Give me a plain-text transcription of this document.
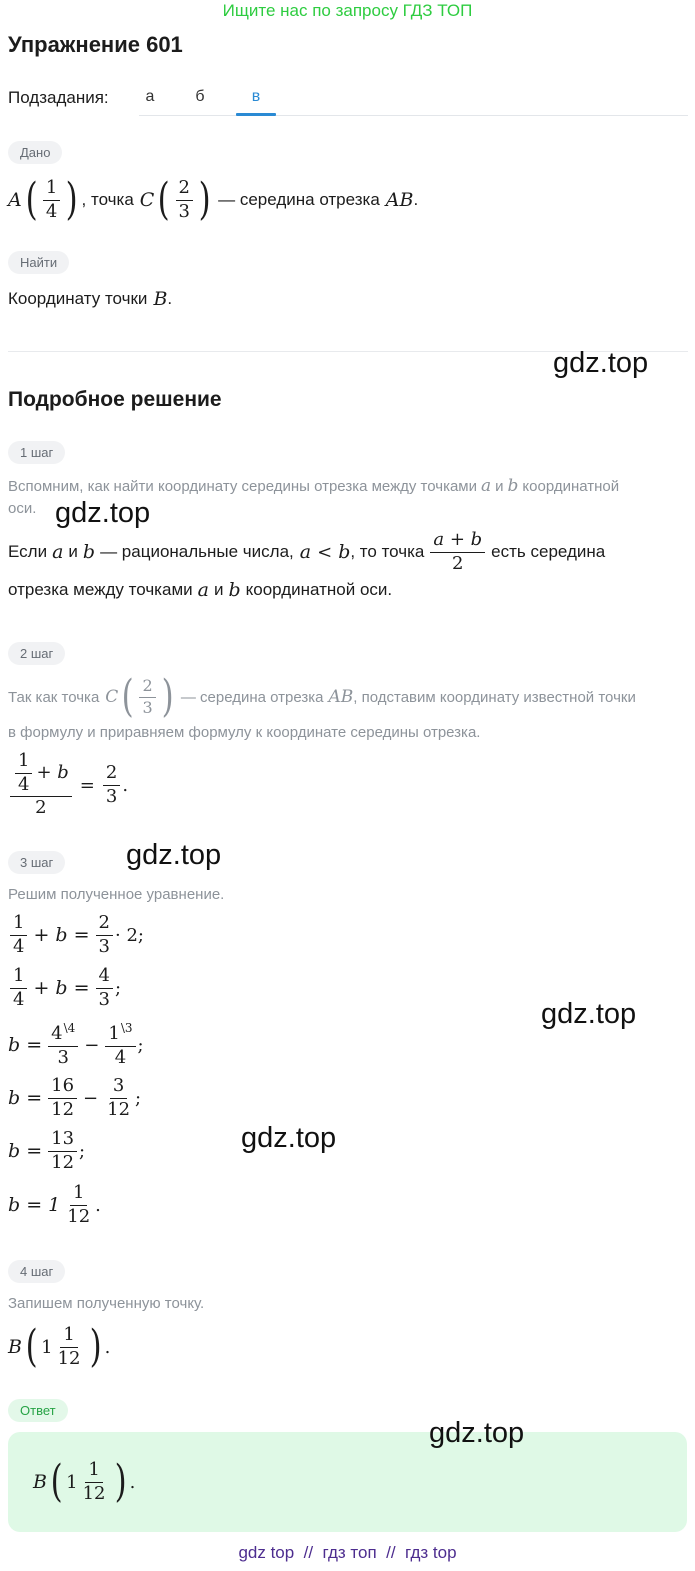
Ищите нас по запросу ГДЗ ТОП
Упражнение 601
Подзадания:	а	б	в
Дано
A ( $\frac{1}{4}$ ) , точка C ( $\frac{2}{3}$ ) — середина отрезка AB .
Найти
Координату точки B .
gdz.top
Подробное решение
1 шаг
Вспомним, как найти координату середины отрезка между точками a и b координатной
оси. gdz.top
Если a и b — рациональные числа, a < b , то точка $\frac{a + b}{2}$ есть середина
отрезка между точками a и b координатной оси.
2 шаг
Так как точка C ( $\frac{2}{3}$ ) — середина отрезка AB , подставим координату известной точки
в формулу и приравняем формулу к координате середины отрезка.
$\frac{\frac{1}{4} + b}{2} = \frac{2}{3}$ .
3 шаг	gdz.top
Решим полученное уравнение.
$\frac{1}{4} + b = \frac{2}{3} \cdot 2$;
$\frac{1}{4} + b = \frac{4}{3}$ ;
gdz.top
$b = \frac{4^{\backslash 4}}{3} - \frac{1^{\backslash 3}}{4}$ ;
$b = \frac{16}{12} - \frac{3}{12}$ ;
$b = \frac{13}{12}$ ;	gdz.top
$b = 1 \frac{1}{12}$ .
4 шаг
Запишем полученную точку.
B ( $1 \frac{1}{12}$ ) .
Ответ
gdz.top
B ( $1 \frac{1}{12}$ ) .
gdz top  //  гдз топ  //  гдз top
